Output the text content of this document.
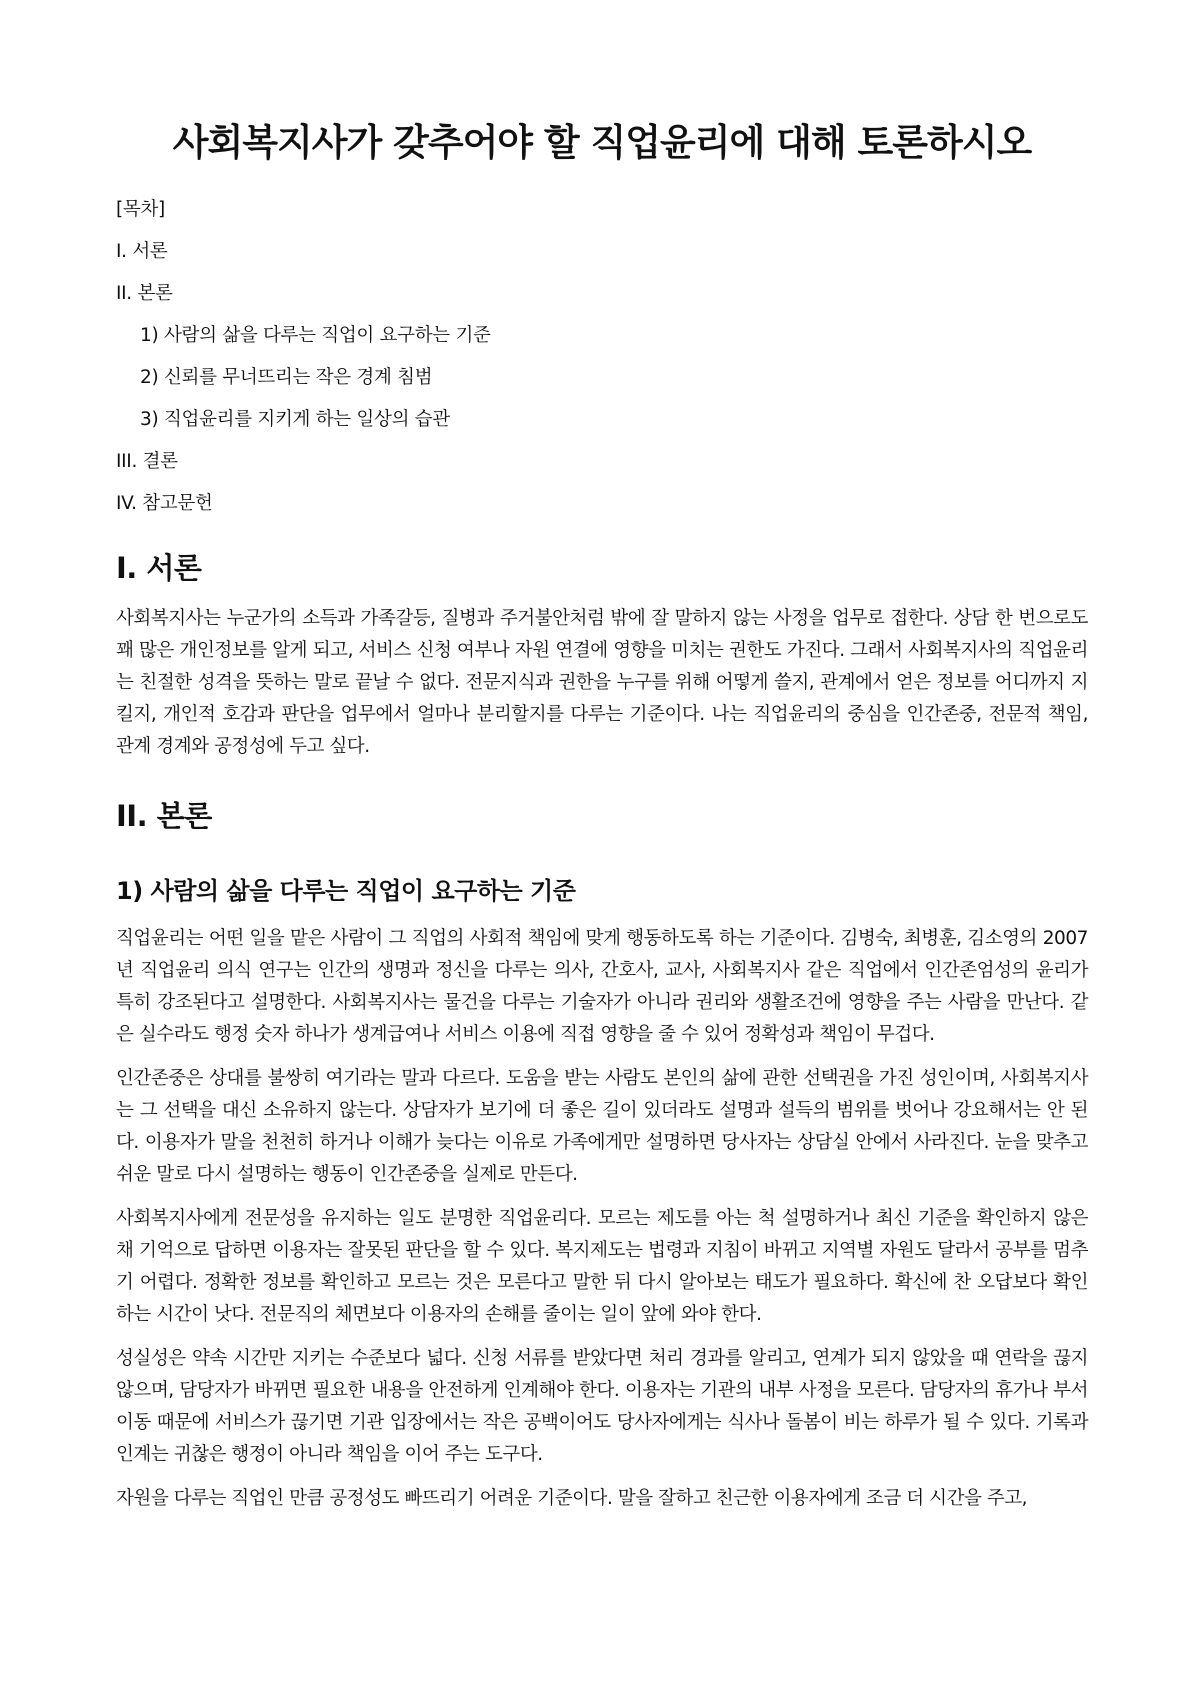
사회복지사가 갖추어야 할 직업윤리에 대해 토론하시오
[목차]
I. 서론
II. 본론
1) 사람의 삶을 다루는 직업이 요구하는 기준
2) 신뢰를 무너뜨리는 작은 경계 침범
3) 직업윤리를 지키게 하는 일상의 습관
III. 결론
IV. 참고문헌
I. 서론

사회복지사는 누군가의 소득과 가족갈등, 질병과 주거불안처럼 밖에 잘 말하지 않는 사정을 업무로 접한다. 상담 한 번으로도 꽤 많은 개인정보를 알게 되고, 서비스 신청 여부나 자원 연결에 영향을 미치는 권한도 가진다. 그래서 사회복지사의 직업윤리는 친절한 성격을 뜻하는 말로 끝날 수 없다. 전문지식과 권한을 누구를 위해 어떻게 쓸지, 관계에서 얻은 정보를 어디까지 지킬지, 개인적 호감과 판단을 업무에서 얼마나 분리할지를 다루는 기준이다. 나는 직업윤리의 중심을 인간존중, 전문적 책임, 관계 경계와 공정성에 두고 싶다.

II. 본론
1) 사람의 삶을 다루는 직업이 요구하는 기준

직업윤리는 어떤 일을 맡은 사람이 그 직업의 사회적 책임에 맞게 행동하도록 하는 기준이다. 김병숙, 최병훈, 김소영의 2007년 직업윤리 의식 연구는 인간의 생명과 정신을 다루는 의사, 간호사, 교사, 사회복지사 같은 직업에서 인간존엄성의 윤리가 특히 강조된다고 설명한다. 사회복지사는 물건을 다루는 기술자가 아니라 권리와 생활조건에 영향을 주는 사람을 만난다. 같은 실수라도 행정 숫자 하나가 생계급여나 서비스 이용에 직접 영향을 줄 수 있어 정확성과 책임이 무겁다.

인간존중은 상대를 불쌍히 여기라는 말과 다르다. 도움을 받는 사람도 본인의 삶에 관한 선택권을 가진 성인이며, 사회복지사는 그 선택을 대신 소유하지 않는다. 상담자가 보기에 더 좋은 길이 있더라도 설명과 설득의 범위를 벗어나 강요해서는 안 된다. 이용자가 말을 천천히 하거나 이해가 늦다는 이유로 가족에게만 설명하면 당사자는 상담실 안에서 사라진다. 눈을 맞추고 쉬운 말로 다시 설명하는 행동이 인간존중을 실제로 만든다.

사회복지사에게 전문성을 유지하는 일도 분명한 직업윤리다. 모르는 제도를 아는 척 설명하거나 최신 기준을 확인하지 않은 채 기억으로 답하면 이용자는 잘못된 판단을 할 수 있다. 복지제도는 법령과 지침이 바뀌고 지역별 자원도 달라서 공부를 멈추기 어렵다. 정확한 정보를 확인하고 모르는 것은 모른다고 말한 뒤 다시 알아보는 태도가 필요하다. 확신에 찬 오답보다 확인하는 시간이 낫다. 전문직의 체면보다 이용자의 손해를 줄이는 일이 앞에 와야 한다.

성실성은 약속 시간만 지키는 수준보다 넓다. 신청 서류를 받았다면 처리 경과를 알리고, 연계가 되지 않았을 때 연락을 끊지 않으며, 담당자가 바뀌면 필요한 내용을 안전하게 인계해야 한다. 이용자는 기관의 내부 사정을 모른다. 담당자의 휴가나 부서 이동 때문에 서비스가 끊기면 기관 입장에서는 작은 공백이어도 당사자에게는 식사나 돌봄이 비는 하루가 될 수 있다. 기록과 인계는 귀찮은 행정이 아니라 책임을 이어 주는 도구다.

자원을 다루는 직업인 만큼 공정성도 빠뜨리기 어려운 기준이다. 말을 잘하고 친근한 이용자에게 조금 더 시간을 주고,
